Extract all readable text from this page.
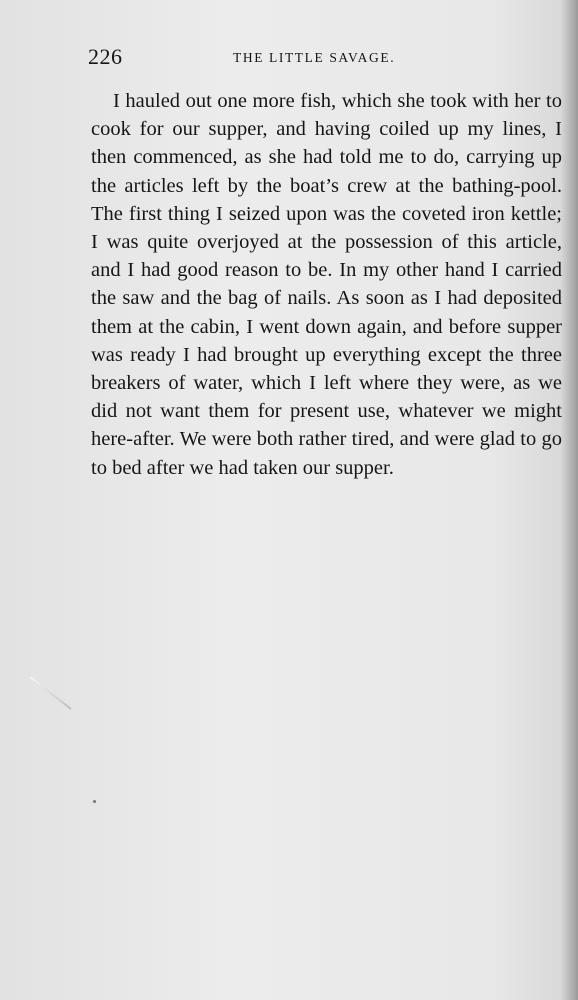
226	THE LITTLE SAVAGE.

I hauled out one more fish, which she took with her to cook for our supper, and having coiled up my lines, I then commenced, as she had told me to do, carrying up the articles left by the boat’s crew at the bathing-pool. The first thing I seized upon was the coveted iron kettle; I was quite overjoyed at the possession of this article, and I had good reason to be. In my other hand I carried the saw and the bag of nails. As soon as I had deposited them at the cabin, I went down again, and before supper was ready I had brought up everything except the three breakers of water, which I left where they were, as we did not want them for present use, whatever we might here-after. We were both rather tired, and were glad to go to bed after we had taken our supper.
